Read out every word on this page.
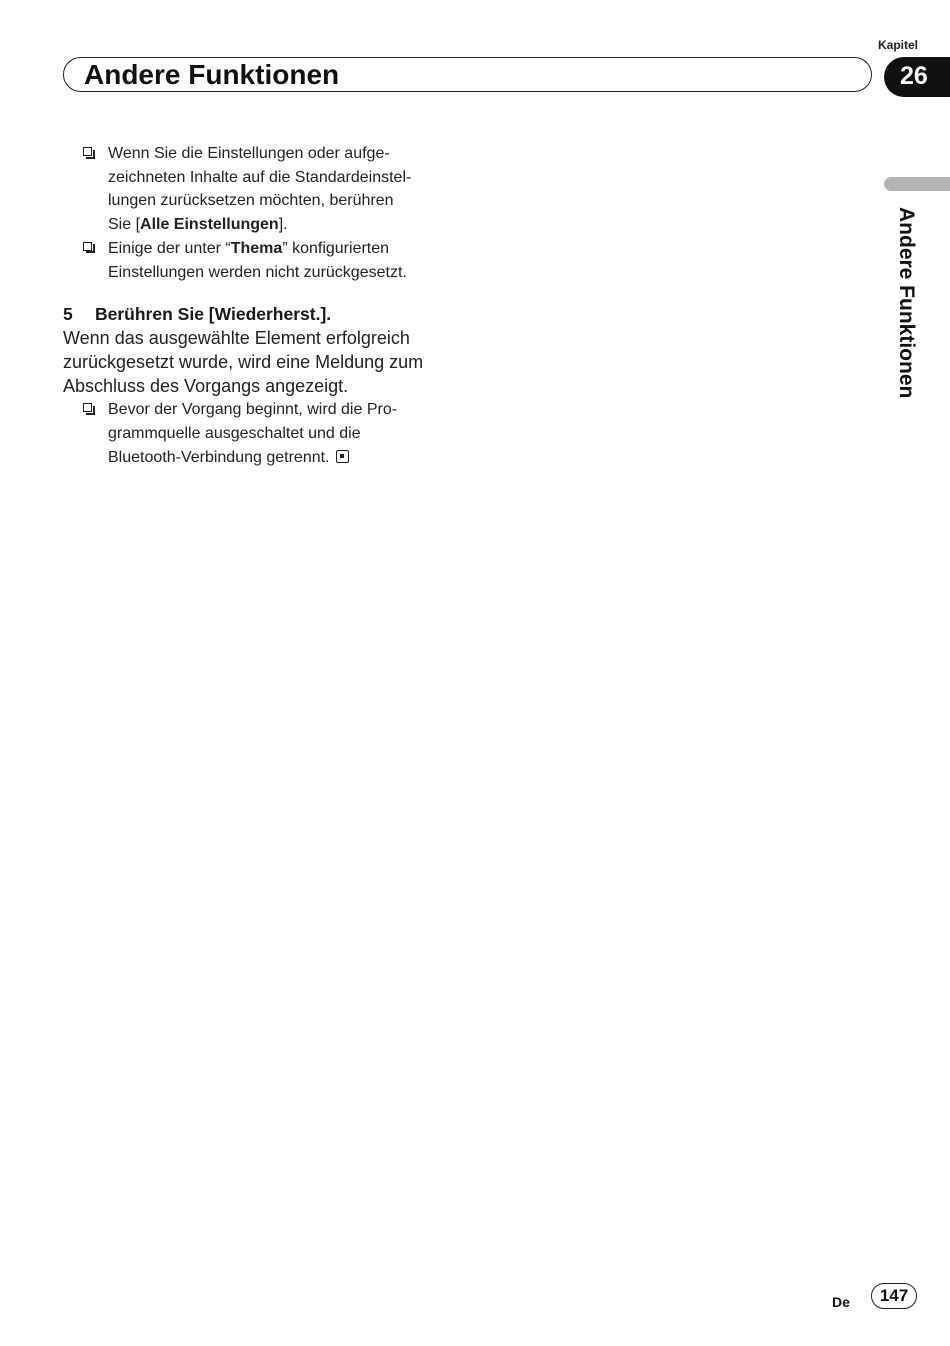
Kapitel
26
Andere Funktionen
Andere Funktionen
Wenn Sie die Einstellungen oder aufge-
zeichneten Inhalte auf die Standardeinstel-
lungen zurücksetzen möchten, berühren
Sie [Alle Einstellungen].
Einige der unter “Thema” konfigurierten
Einstellungen werden nicht zurückgesetzt.
5 Berühren Sie [Wiederherst.].
Wenn das ausgewählte Element erfolgreich
zurückgesetzt wurde, wird eine Meldung zum
Abschluss des Vorgangs angezeigt.
Bevor der Vorgang beginnt, wird die Pro-
grammquelle ausgeschaltet und die
Bluetooth-Verbindung getrennt.
De	147
